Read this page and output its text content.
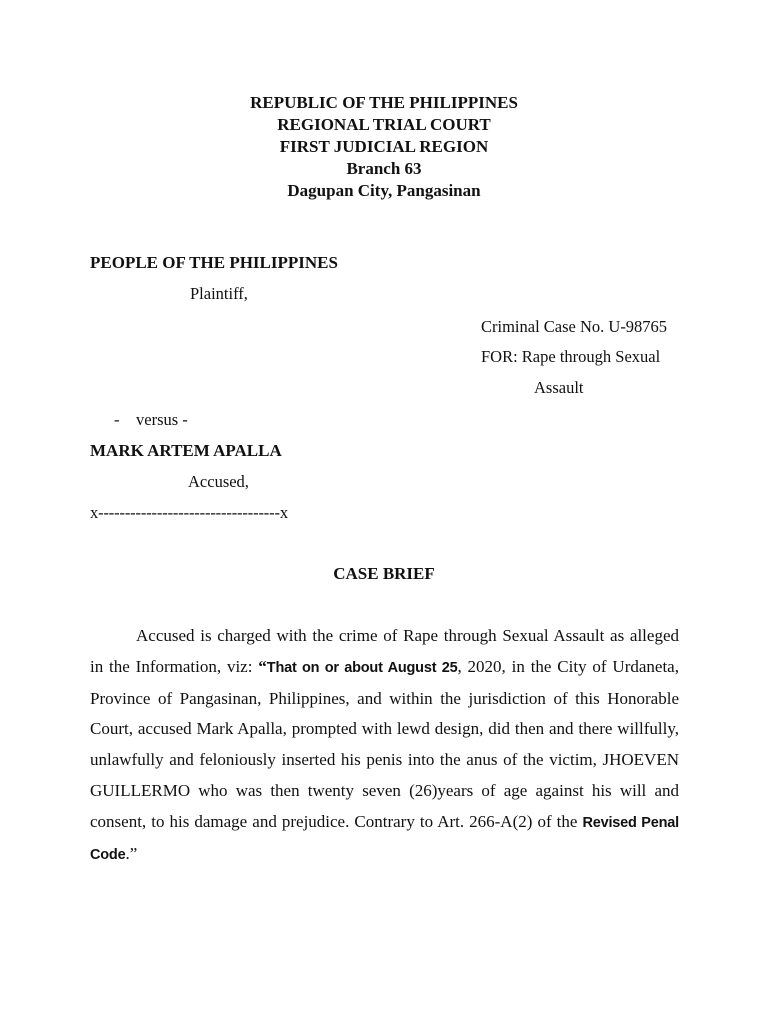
REPUBLIC OF THE PHILIPPINES
REGIONAL TRIAL COURT
FIRST JUDICIAL REGION
Branch 63
Dagupan City, Pangasinan
PEOPLE OF THE PHILIPPINES
Plaintiff,
Criminal Case No. U-98765
FOR: Rape through Sexual
Assault
-    versus -
MARK ARTEM APALLA
Accused,
x----------------------------------x
CASE BRIEF
Accused is charged with the crime of Rape through Sexual Assault as alleged in the Information, viz: “That on or about August 25, 2020, in the City of Urdaneta, Province of Pangasinan, Philippines, and within the jurisdiction of this Honorable Court, accused Mark Apalla, prompted with lewd design, did then and there willfully, unlawfully and feloniously inserted his penis into the anus of the victim, JHOEVEN GUILLERMO who was then twenty seven (26)years of age against his will and consent, to his damage and prejudice. Contrary to Art. 266-A(2) of the Revised Penal Code.”
